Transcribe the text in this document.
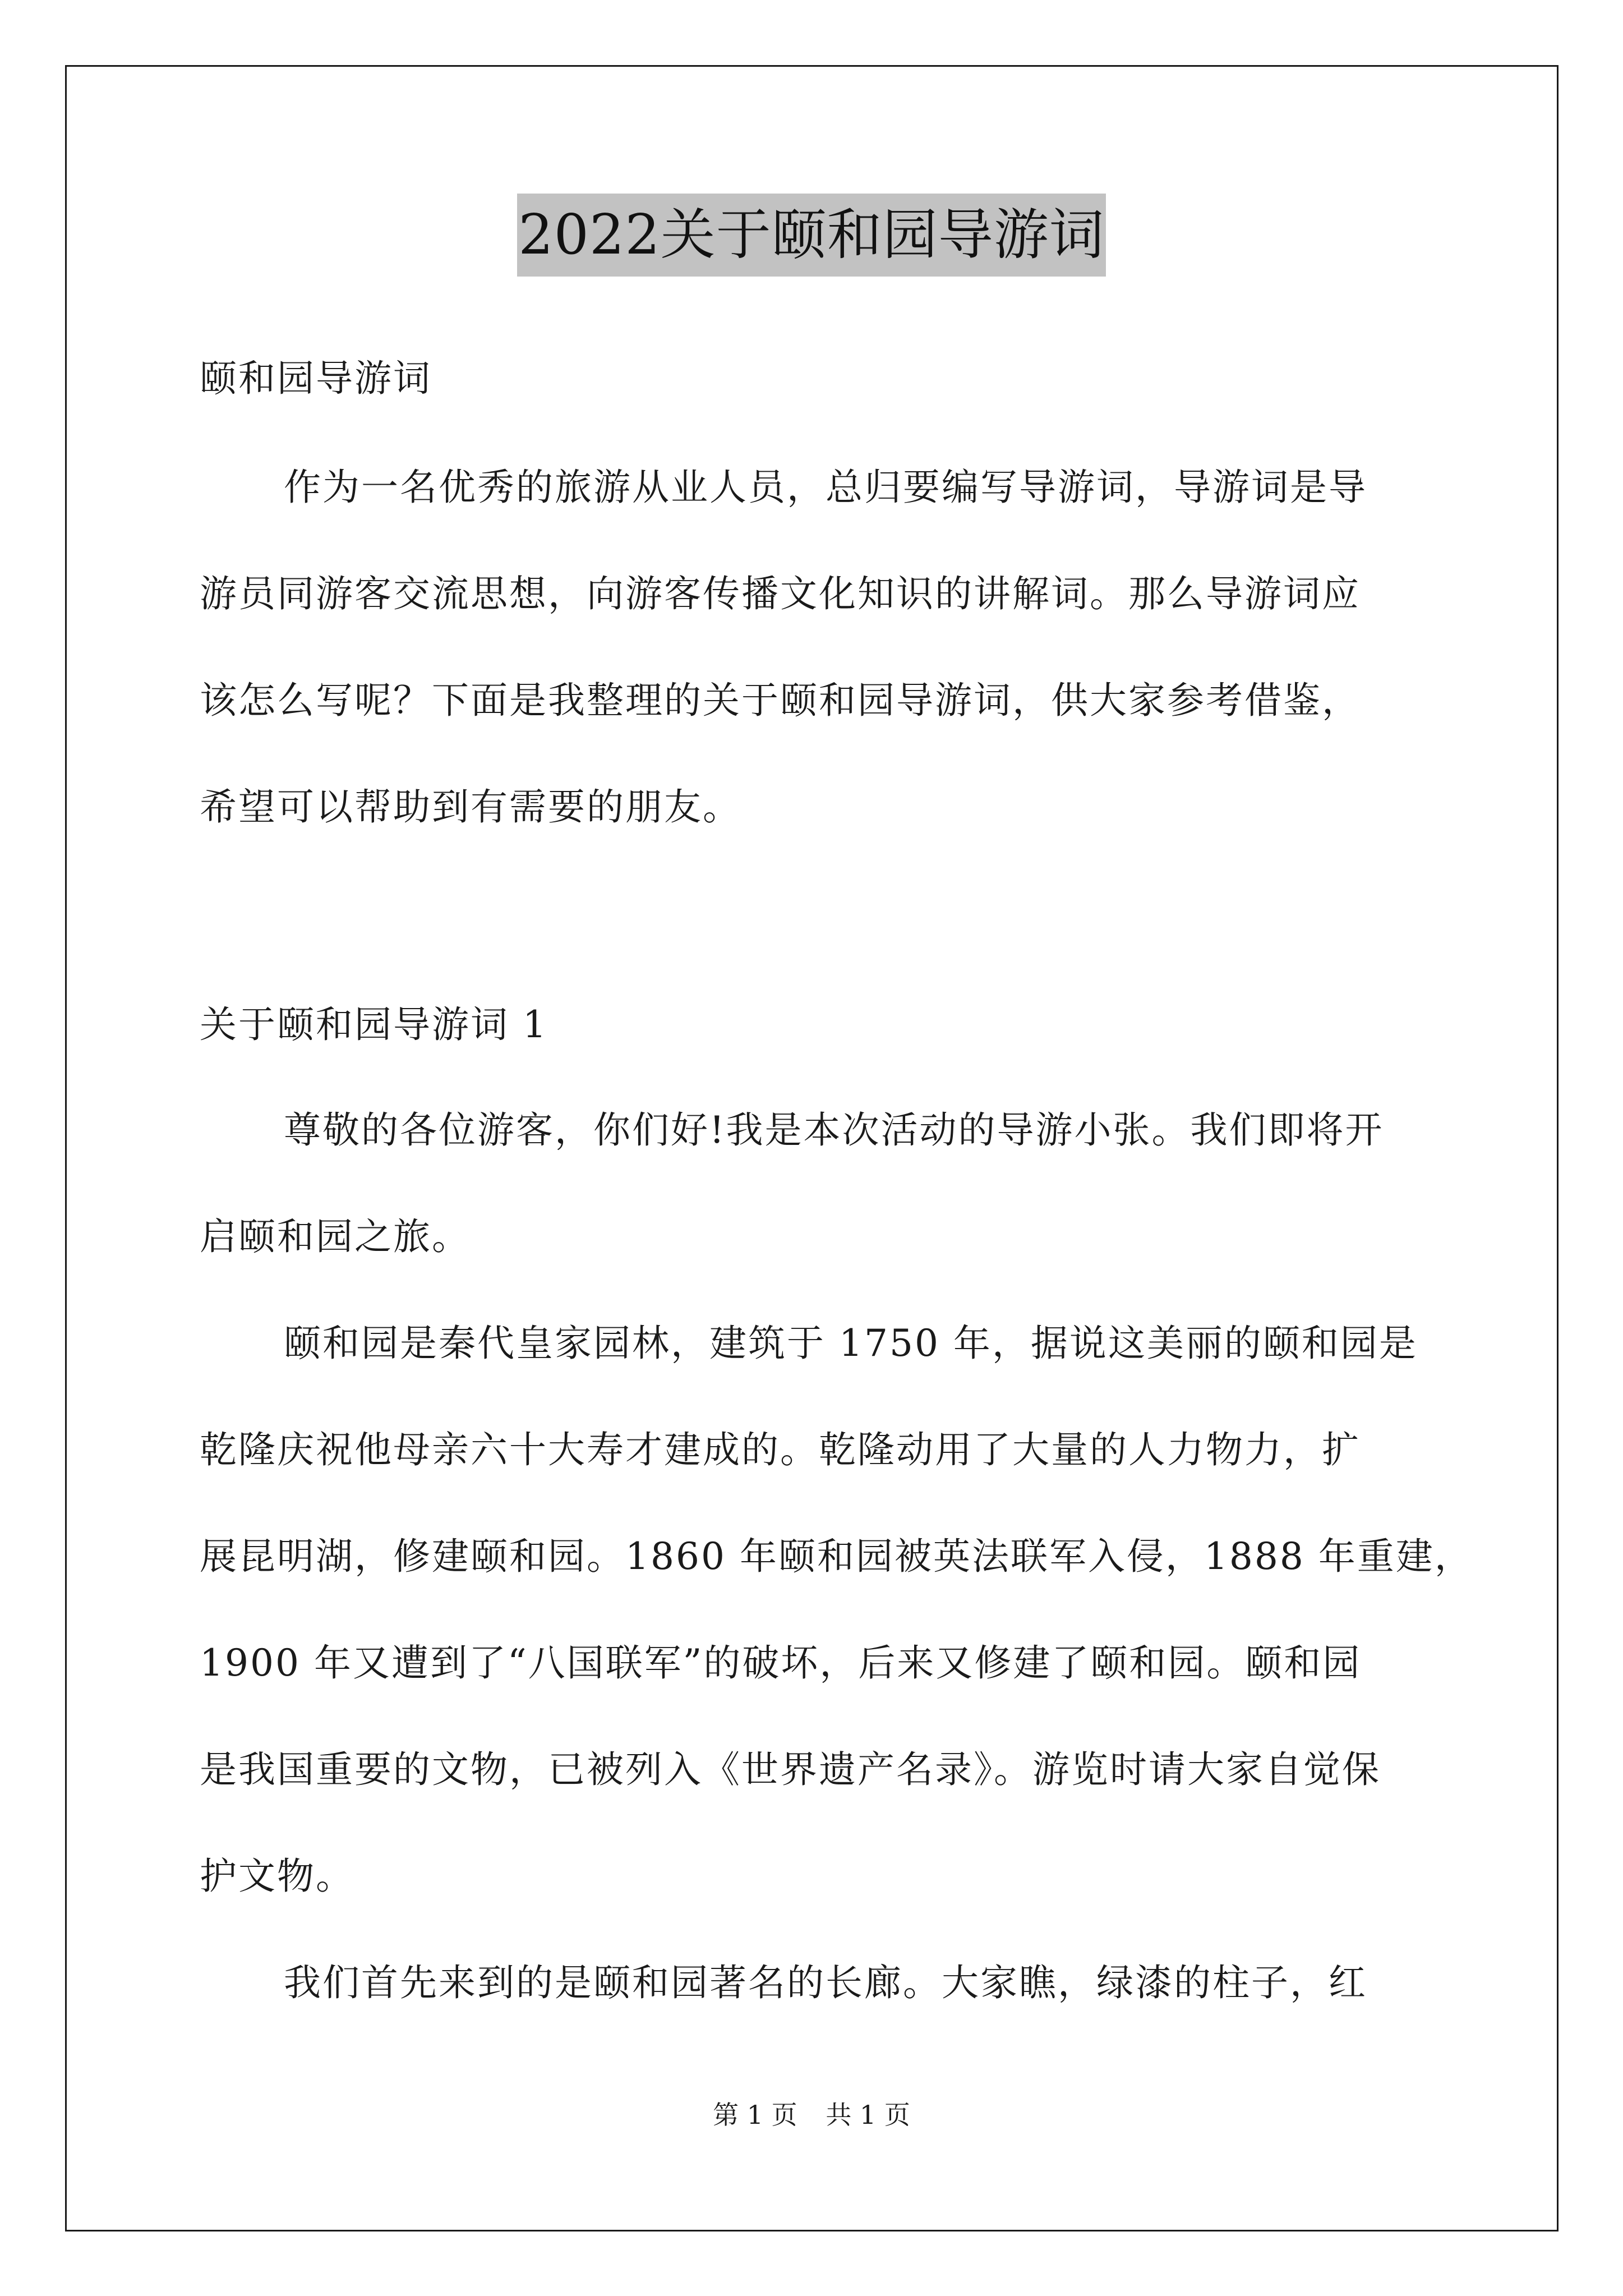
2022关于颐和园导游词
颐和园导游词
作为一名优秀的旅游从业人员，总归要编写导游词，导游词是导
游员同游客交流思想，向游客传播文化知识的讲解词。那么导游词应
该怎么写呢？下面是我整理的关于颐和园导游词，供大家参考借鉴，
希望可以帮助到有需要的朋友。
关于颐和园导游词 1
尊敬的各位游客，你们好!我是本次活动的导游小张。我们即将开
启颐和园之旅。
颐和园是秦代皇家园林，建筑于 1750 年，据说这美丽的颐和园是
乾隆庆祝他母亲六十大寿才建成的。乾隆动用了大量的人力物力，扩
展昆明湖，修建颐和园。1860 年颐和园被英法联军入侵，1888 年重建，
1900 年又遭到了“八国联军”的破坏，后来又修建了颐和园。颐和园
是我国重要的文物，已被列入《世界遗产名录》。游览时请大家自觉保
护文物。
我们首先来到的是颐和园著名的长廊。大家瞧，绿漆的柱子，红
第 1 页 共 1 页
